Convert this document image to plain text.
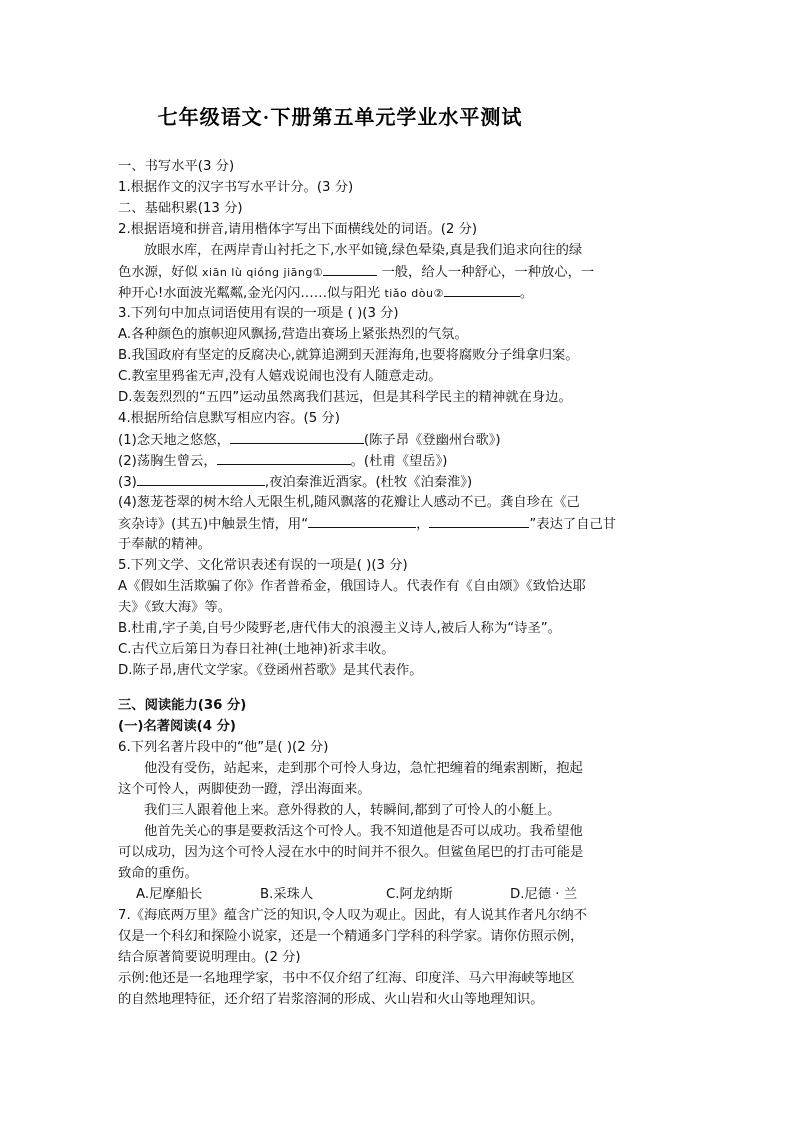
七年级语文·下册第五单元学业水平测试
一、书写水平(3 分)
1.根据作文的汉字书写水平计分。(3 分)
二、基础积累(13 分)
2.根据语境和拼音,请用楷体字写出下面横线处的词语。(2 分)
放眼水库，在两岸青山衬托之下,水平如镜,绿色晕染,真是我们追求向往的绿
色水源，好似 xiān lù qióng jiāng①	一般，给人一种舒心，一种放心，一
种开心!水面波光粼粼,金光闪闪……似与阳光 tiǎo dòu②	。
3.下列句中加点词语使用有误的一项是 ( )(3 分)
A.各种颜色的旗帜迎风飘扬,营造出赛场上紧张热烈的气氛。
B.我国政府有坚定的反腐决心,就算追溯到天涯海角,也要将腐败分子缉拿归案。
C.教室里鸦雀无声,没有人嬉戏说闹也没有人随意走动。
D.轰轰烈烈的“五四”运动虽然离我们甚远，但是其科学民主的精神就在身边。
4.根据所给信息默写相应内容。(5 分)
(1)念天地之悠悠，	(陈子昂《登幽州台歌》)
(2)荡胸生曾云，	。(杜甫《望岳》)
(3)	,夜泊秦淮近酒家。(杜牧《泊秦淮》)
(4)葱茏苍翠的树木给人无限生机,随风飘落的花瓣让人感动不已。龚自珍在《己
亥杂诗》(其五)中触景生情，用“	，	”表达了自己甘
于奉献的精神。
5.下列文学、文化常识表述有误的一项是( )(3 分)
A《假如生活欺骗了你》作者普希金，俄国诗人。代表作有《自由颂》《致恰达耶
夫》《致大海》等。
B.杜甫,字子美,自号少陵野老,唐代伟大的浪漫主义诗人,被后人称为“诗圣”。
C.古代立后第日为春日社神(土地神)祈求丰收。
D.陈子昂,唐代文学家。《登函州苔歌》是其代表作。
三、阅读能力(36 分)
(一)名著阅读(4 分)
6.下列名著片段中的“他”是( )(2 分)
他没有受伤，站起来，走到那个可怜人身边，急忙把缠着的绳索割断，抱起
这个可怜人，两脚使劲一蹬，浮出海面来。
我们三人跟着他上来。意外得救的人，转瞬间,都到了可怜人的小艇上。
他首先关心的事是要救活这个可怜人。我不知道他是否可以成功。我希望他
可以成功，因为这个可怜人浸在水中的时间并不很久。但鲨鱼尾巴的打击可能是
致命的重伤。
A.尼摩船长	B.采珠人	C.阿龙纳斯	D.尼德 · 兰
7.《海底两万里》蕴含广泛的知识,令人叹为观止。因此，有人说其作者凡尔纳不
仅是一个科幻和探险小说家，还是一个精通多门学科的科学家。请你仿照示例，
结合原著简要说明理由。(2 分)
示例:他还是一名地理学家，书中不仅介绍了红海、印度洋、马六甲海峡等地区
的自然地理特征，还介绍了岩浆溶洞的形成、火山岩和火山等地理知识。
